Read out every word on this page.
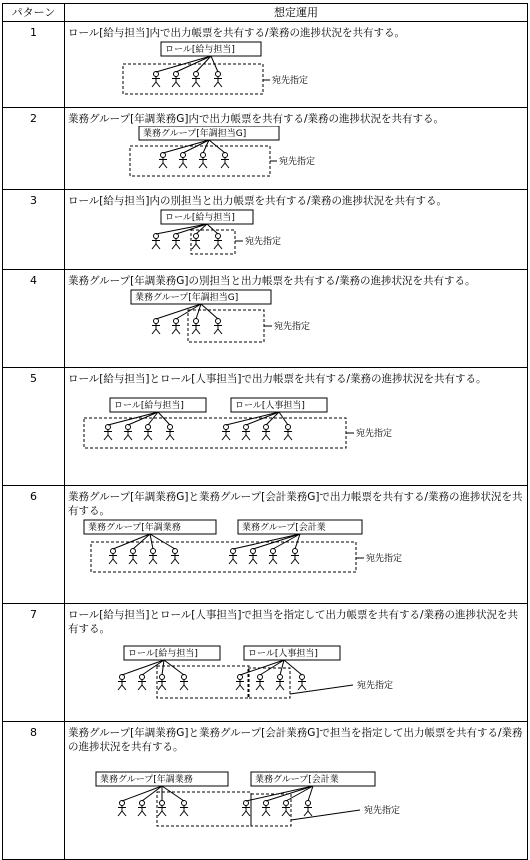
パターン	想定運用
1	ロール[給与担当]内で出力帳票を共有する/業務の進捗状況を共有する。

ロール[給与担当]
宛先指定

2	業務グループ[年調業務G]内で出力帳票を共有する/業務の進捗状況を共有する。

業務グループ[年調担当G]
宛先指定

3	ロール[給与担当]内の別担当と出力帳票を共有する/業務の進捗状況を共有する。

ロール[給与担当]
宛先指定

4	業務グループ[年調業務G]の別担当と出力帳票を共有する/業務の進捗状況を共有する。

業務グループ[年調担当G]
宛先指定

5	ロール[給与担当]とロール[人事担当]で出力帳票を共有する/業務の進捗状況を共有する。

ロール[給与担当] ロール[人事担当]
宛先指定

6	業務グループ[年調業務G]と業務グループ[会計業務G]で出力帳票を共有する/業務の進捗状況を共有する。

業務グループ[年調業務 業務グループ[会計業
宛先指定

7	ロール[給与担当]とロール[人事担当]で担当を指定して出力帳票を共有する/業務の進捗状況を共有する。

ロール[給与担当] ロール[人事担当]
宛先指定

8	業務グループ[年調業務G]と業務グループ[会計業務G]で担当を指定して出力帳票を共有する/業務の進捗状況を共有する。

業務グループ[年調業務 業務グループ[会計業
宛先指定
